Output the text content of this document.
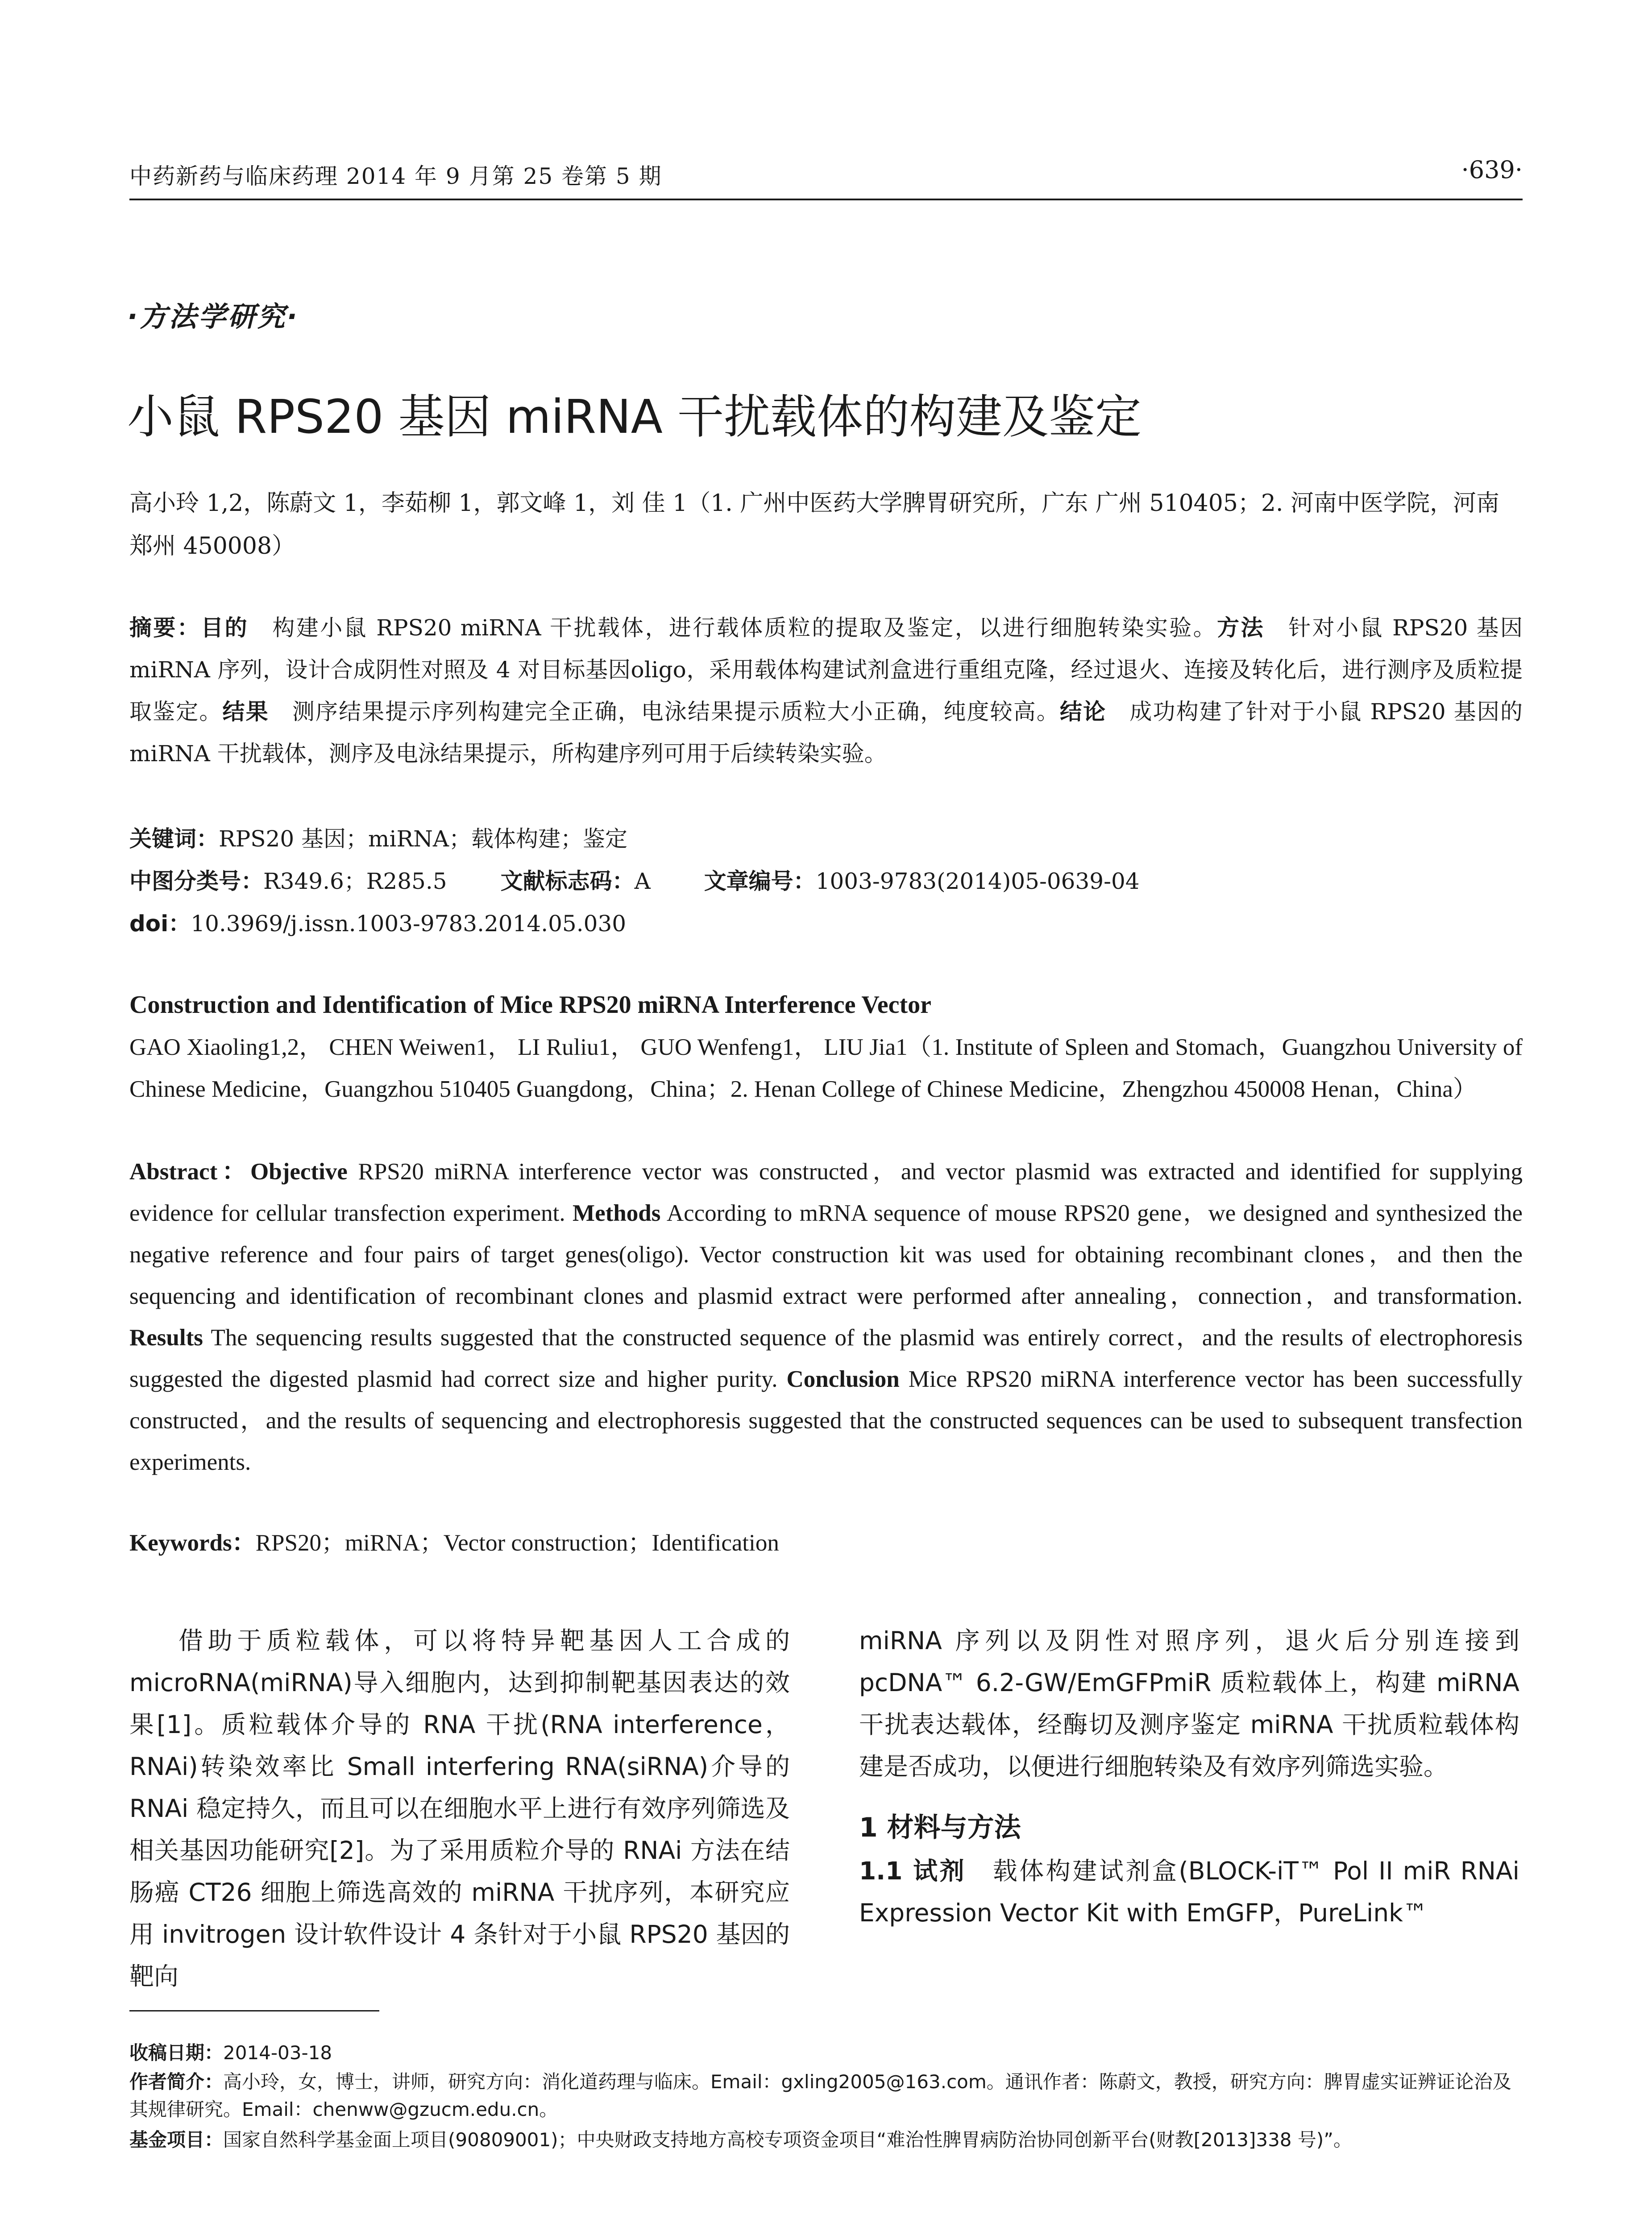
中药新药与临床药理 2014 年 9 月第 25 卷第 5 期	·639·
·方法学研究·
小鼠 RPS20 基因 miRNA 干扰载体的构建及鉴定
高小玲 1,2，陈蔚文 1，李茹柳 1，郭文峰 1，刘 佳 1（1. 广州中医药大学脾胃研究所，广东 广州 510405；2. 河南中医学院，河南 郑州 450008）
摘要：目的　 构建小鼠 RPS20 miRNA 干扰载体，进行载体质粒的提取及鉴定，以进行细胞转染实验。方法　 针对小鼠 RPS20 基因 miRNA 序列，设计合成阴性对照及 4 对目标基因oligo，采用载体构建试剂盒进行重组克隆，经过退火、连接及转化后，进行测序及质粒提取鉴定。结果　 测序结果提示序列构建完全正确，电泳结果提示质粒大小正确，纯度较高。结论　 成功构建了针对于小鼠 RPS20 基因的 miRNA 干扰载体，测序及电泳结果提示，所构建序列可用于后续转染实验。
关键词：RPS20 基因；miRNA；载体构建；鉴定
中图分类号：R349.6；R285.5 文献标志码：A 文章编号：1003-9783(2014)05-0639-04
doi：10.3969/j.issn.1003-9783.2014.05.030
Construction and Identification of Mice RPS20 miRNA Interference Vector
GAO Xiaoling1,2， CHEN Weiwen1， LI Ruliu1， GUO Wenfeng1， LIU Jia1（1. Institute of Spleen and Stomach，Guangzhou University of Chinese Medicine，Guangzhou 510405 Guangdong，China；2. Henan College of Chinese Medicine，Zhengzhou 450008 Henan，China）
Abstract：Objective RPS20 miRNA interference vector was constructed，and vector plasmid was extracted and identified for supplying evidence for cellular transfection experiment. Methods According to mRNA sequence of mouse RPS20 gene，we designed and synthesized the negative reference and four pairs of target genes(oligo). Vector construction kit was used for obtaining recombinant clones，and then the sequencing and identification of recombinant clones and plasmid extract were performed after annealing，connection，and transformation. Results The sequencing results suggested that the constructed sequence of the plasmid was entirely correct，and the results of electrophoresis suggested the digested plasmid had correct size and higher purity. Conclusion Mice RPS20 miRNA interference vector has been successfully constructed，and the results of sequencing and electrophoresis suggested that the constructed sequences can be used to subsequent transfection experiments.
Keywords：RPS20；miRNA；Vector construction；Identification

借助于质粒载体，可以将特异靶基因人工合成的 microRNA(miRNA)导入细胞内，达到抑制靶基因表达的效果[1]。质粒载体介导的 RNA 干扰(RNA interference，RNAi)转染效率比 Small interfering RNA(siRNA)介导的 RNAi 稳定持久，而且可以在细胞水平上进行有效序列筛选及相关基因功能研究[2]。为了采用质粒介导的 RNAi 方法在结肠癌 CT26 细胞上筛选高效的 miRNA 干扰序列，本研究应用 invitrogen 设计软件设计 4 条针对于小鼠 RPS20 基因的靶向

miRNA 序列以及阴性对照序列，退火后分别连接到 pcDNA™ 6.2-GW/EmGFPmiR 质粒载体上，构建 miRNA 干扰表达载体，经酶切及测序鉴定 miRNA 干扰质粒载体构建是否成功，以便进行细胞转染及有效序列筛选实验。

1 材料与方法

1.1 试剂　 载体构建试剂盒(BLOCK-iT™ Pol II miR RNAi Expression Vector Kit with EmGFP，PureLink™

收稿日期：2014-03-18
作者简介：高小玲，女，博士，讲师，研究方向：消化道药理与临床。Email：gxling2005@163.com。通讯作者：陈蔚文，教授，研究方向：脾胃虚实证辨证论治及其规律研究。Email：chenww@gzucm.edu.cn。
基金项目：国家自然科学基金面上项目(90809001)；中央财政支持地方高校专项资金项目“难治性脾胃病防治协同创新平台(财教[2013]338 号)”。
